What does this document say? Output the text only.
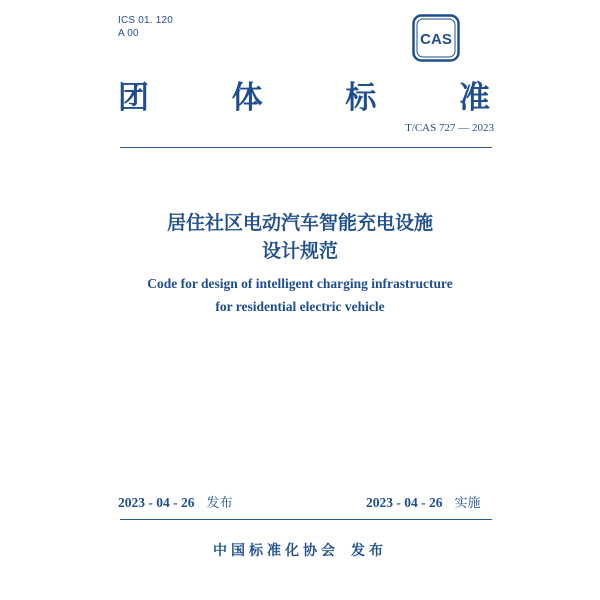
ICS 01. 120
A 00	CAS
团	体	标	准
T/CAS 727 — 2023
居住社区电动汽车智能充电设施
设计规范
Code for design of intelligent charging infrastructure
for residential electric vehicle
2023 - 04 - 26 发布	2023 - 04 - 26 实施
中国标准化协会 发布
